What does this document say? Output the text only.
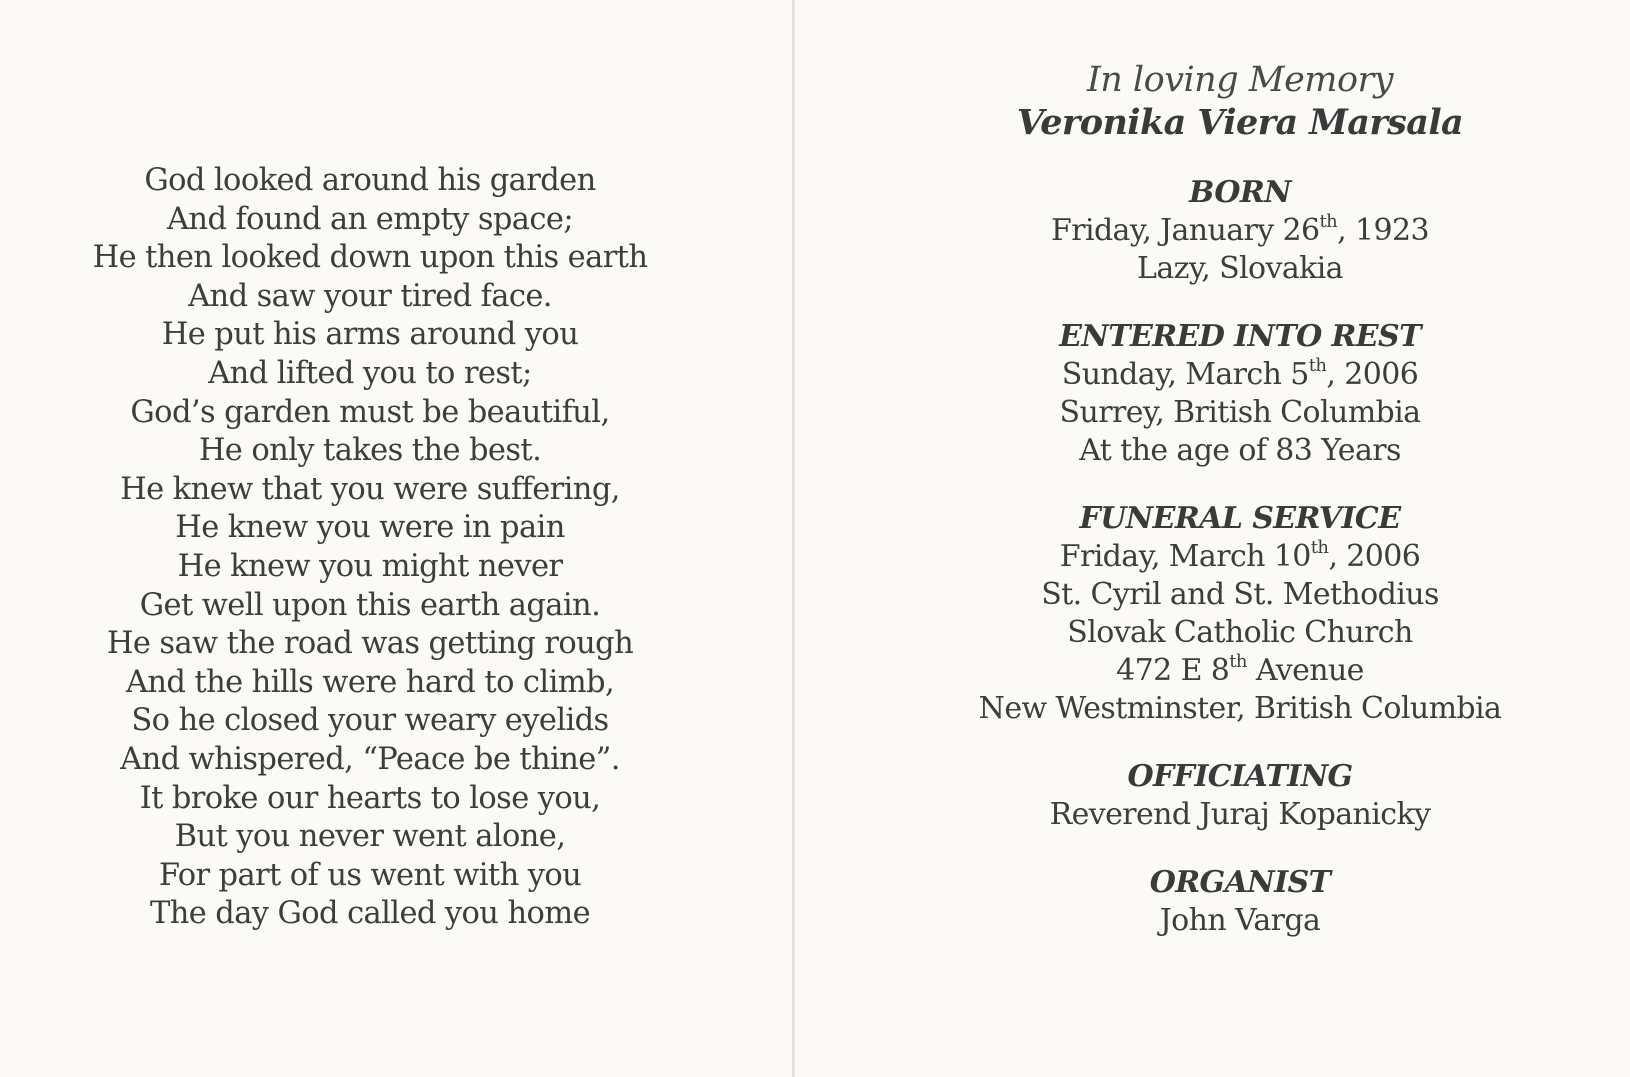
God looked around his garden
And found an empty space;
He then looked down upon this earth
And saw your tired face.
He put his arms around you
And lifted you to rest;
God’s garden must be beautiful,
He only takes the best.
He knew that you were suffering,
He knew you were in pain
He knew you might never
Get well upon this earth again.
He saw the road was getting rough
And the hills were hard to climb,
So he closed your weary eyelids
And whispered, “Peace be thine”.
It broke our hearts to lose you,
But you never went alone,
For part of us went with you
The day God called you home
In loving Memory
Veronika Viera Marsala
BORN
Friday, January 26th, 1923
Lazy, Slovakia
ENTERED INTO REST
Sunday, March 5th, 2006
Surrey, British Columbia
At the age of 83 Years
FUNERAL SERVICE
Friday, March 10th, 2006
St. Cyril and St. Methodius
Slovak Catholic Church
472 E 8th Avenue
New Westminster, British Columbia
OFFICIATING
Reverend Juraj Kopanicky
ORGANIST
John Varga
